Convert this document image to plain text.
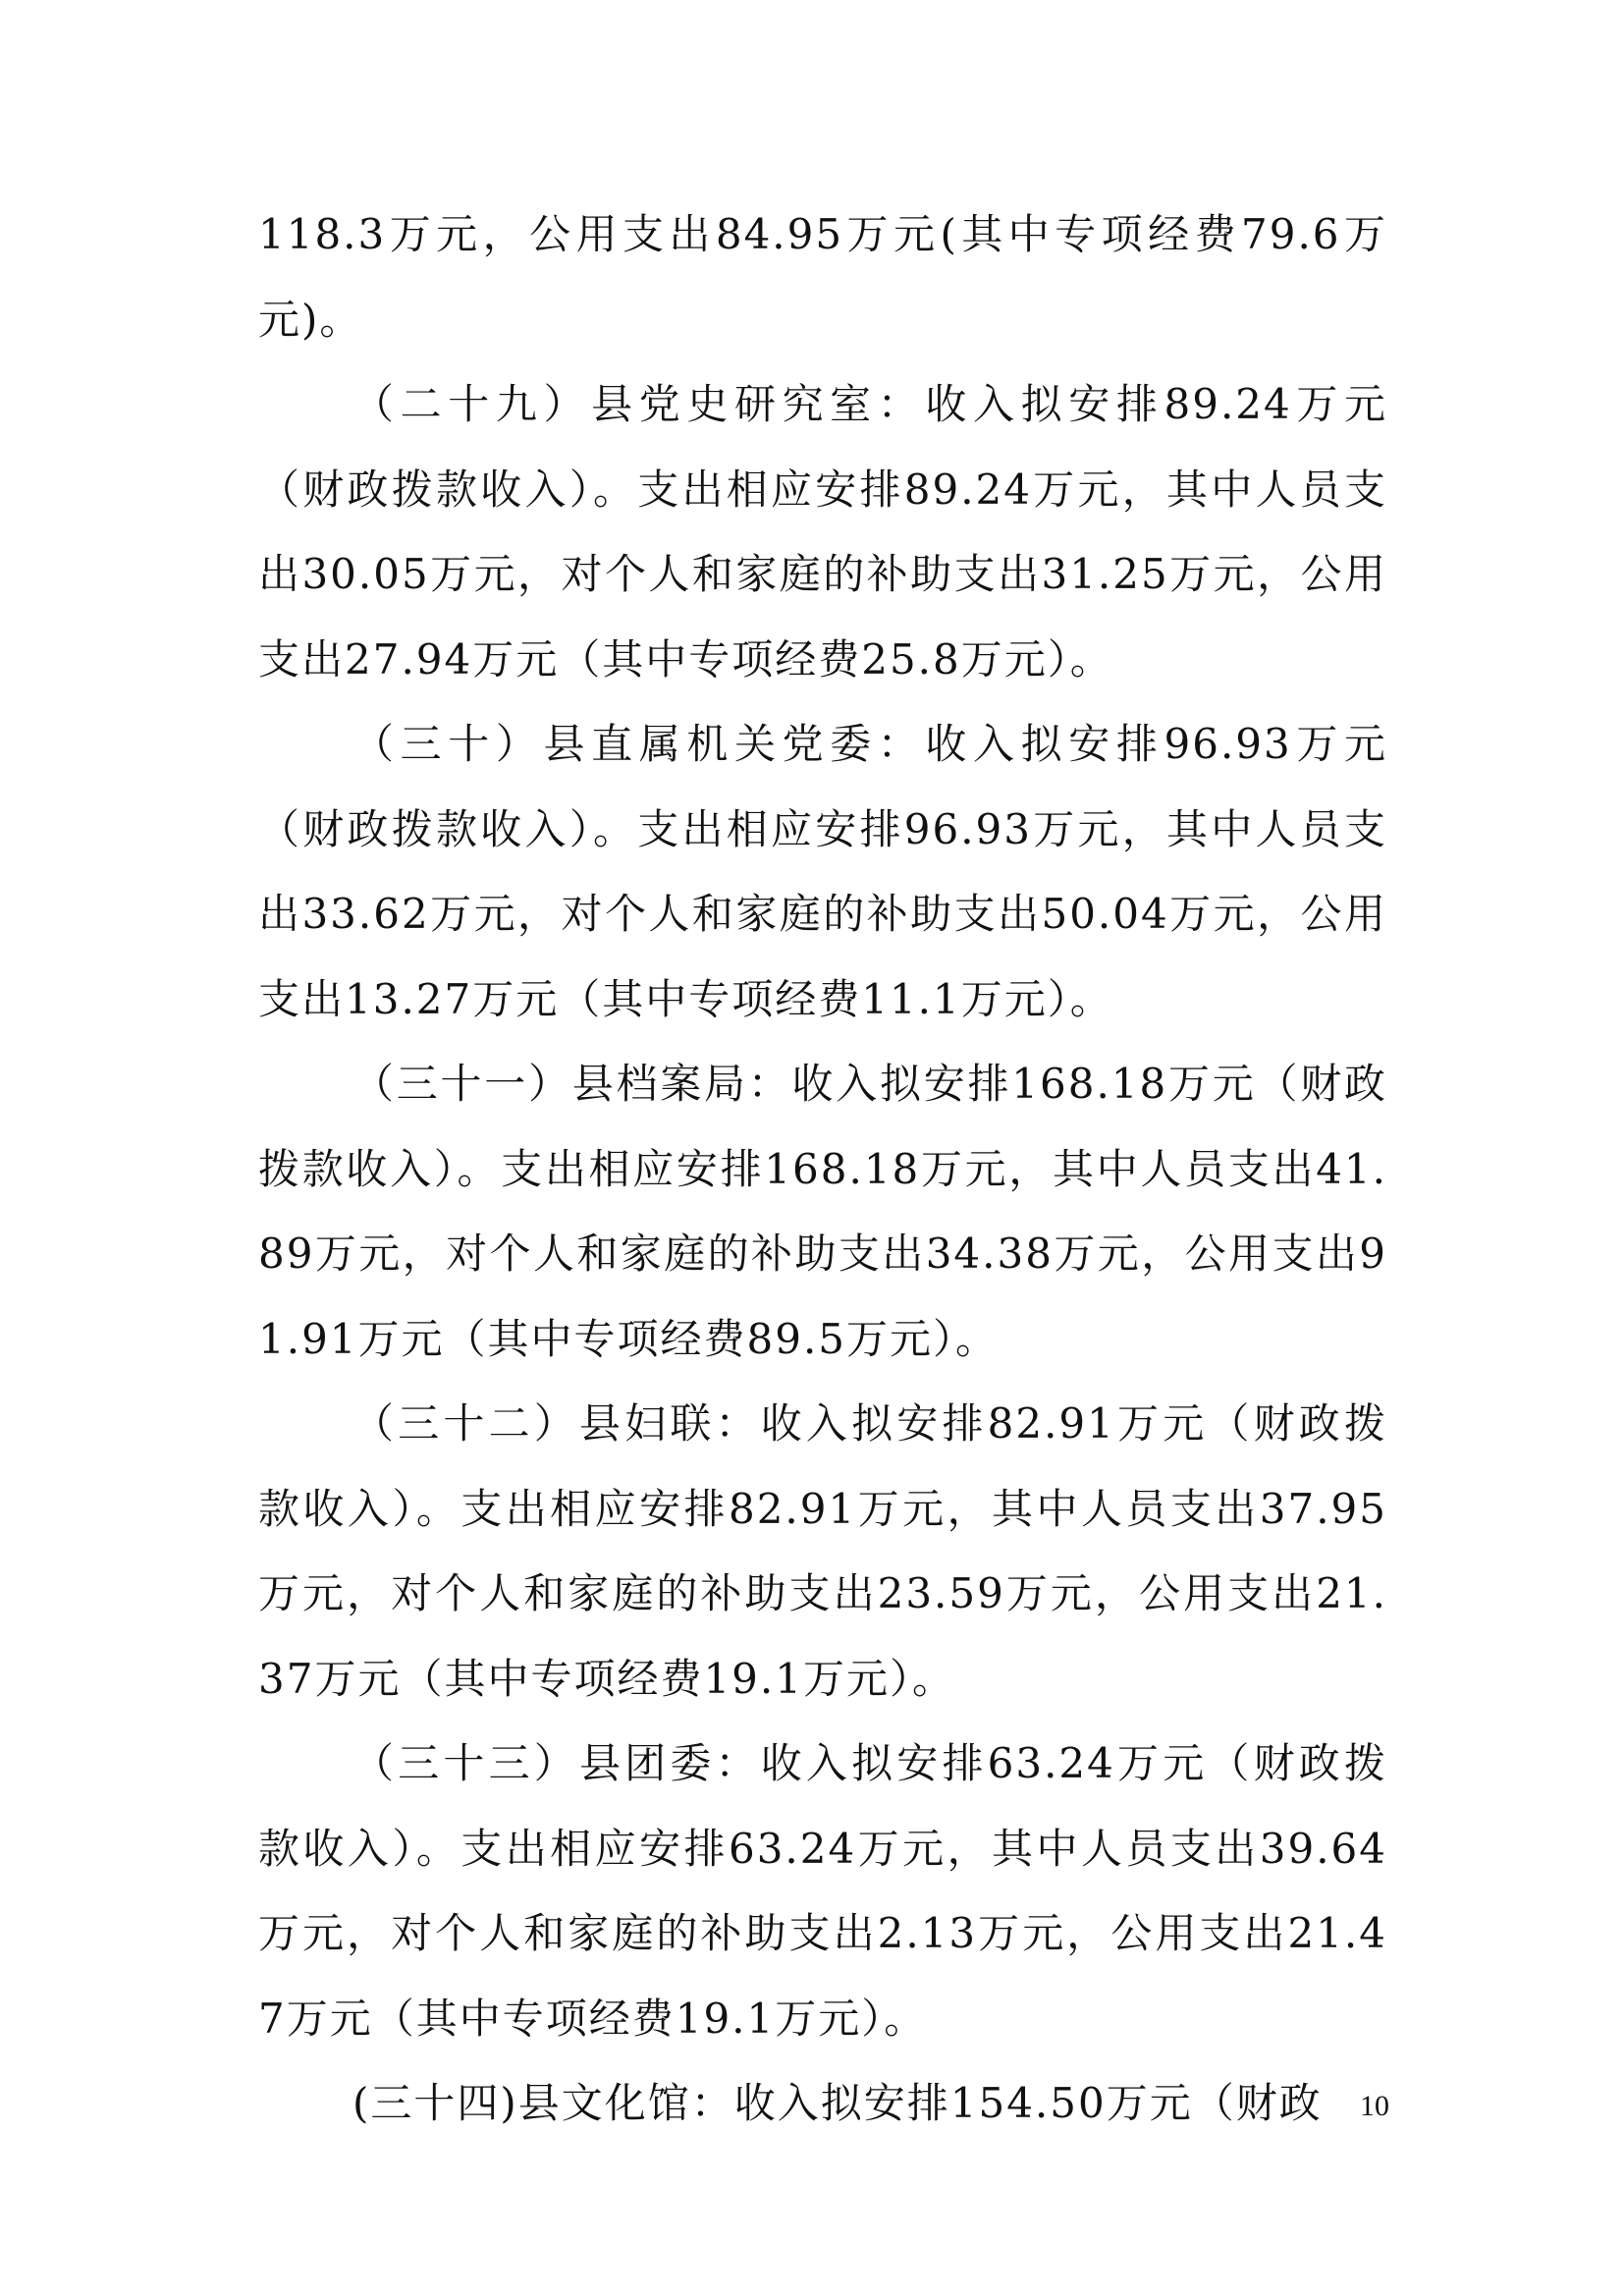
118.3万元，公用支出84.95万元(其中专项经费79.6万元)。

（二十九）县党史研究室：收入拟安排89.24万元（财政拨款收入）。支出相应安排89.24万元，其中人员支出30.05万元，对个人和家庭的补助支出31.25万元，公用支出27.94万元（其中专项经费25.8万元）。

（三十）县直属机关党委：收入拟安排96.93万元（财政拨款收入）。支出相应安排96.93万元，其中人员支出33.62万元，对个人和家庭的补助支出50.04万元，公用支出13.27万元（其中专项经费11.1万元）。

（三十一）县档案局：收入拟安排168.18万元（财政拨款收入）。支出相应安排168.18万元，其中人员支出41.89万元，对个人和家庭的补助支出34.38万元，公用支出91.91万元（其中专项经费89.5万元）。

（三十二）县妇联：收入拟安排82.91万元（财政拨款收入）。支出相应安排82.91万元，其中人员支出37.95万元，对个人和家庭的补助支出23.59万元，公用支出21.37万元（其中专项经费19.1万元）。

（三十三）县团委：收入拟安排63.24万元（财政拨款收入）。支出相应安排63.24万元，其中人员支出39.64万元，对个人和家庭的补助支出2.13万元，公用支出21.47万元（其中专项经费19.1万元）。

(三十四)县文化馆：收入拟安排154.50万元（财政	10
